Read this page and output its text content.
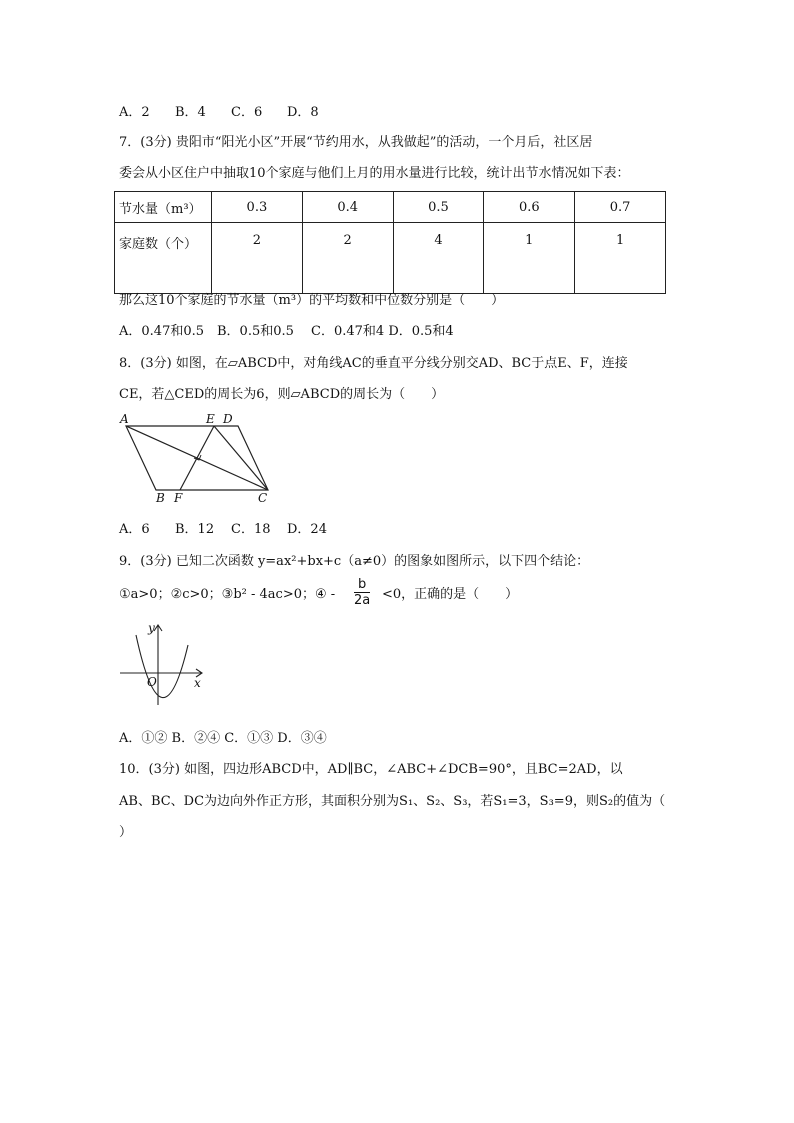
A．2 B．4 C．6 D．8
7．(3分) 贵阳市“阳光小区”开展“节约用水，从我做起”的活动，一个月后，社区居
委会从小区住户中抽取10个家庭与他们上月的用水量进行比较，统计出节水情况如下表：
节水量（m³）	0.3	0.4	0.5	0.6	0.7
家庭数（个）	2	2	4	1	1
那么这10个家庭的节水量（m³）的平均数和中位数分别是（　　）
A．0.47和0.5　B．0.5和0.5　 C．0.47和4 D．0.5和4
8．(3分) 如图，在▱ABCD中，对角线AC的垂直平分线分别交AD、BC于点E、F，连接
CE，若△CED的周长为6，则▱ABCD的周长为（　　）
A	E D
B F	C
A．6 B．12 C．18 D．24
9．(3分) 已知二次函数 y=ax²+bx+c（a≠0）的图象如图所示，以下四个结论：
①a>0；②c>0；③b² - 4ac>0；④ - $\frac{b}{2a} <0$，正确的是（　　）
y
x
O
A．①② B．②④ C．①③ D．③④
10．(3分) 如图，四边形ABCD中，AD∥BC，∠ABC+∠DCB=90°，且BC=2AD，以
AB、BC、DC为边向外作正方形，其面积分别为S₁、S₂、S₃，若S₁=3，S₃=9，则S₂的值为（
）
